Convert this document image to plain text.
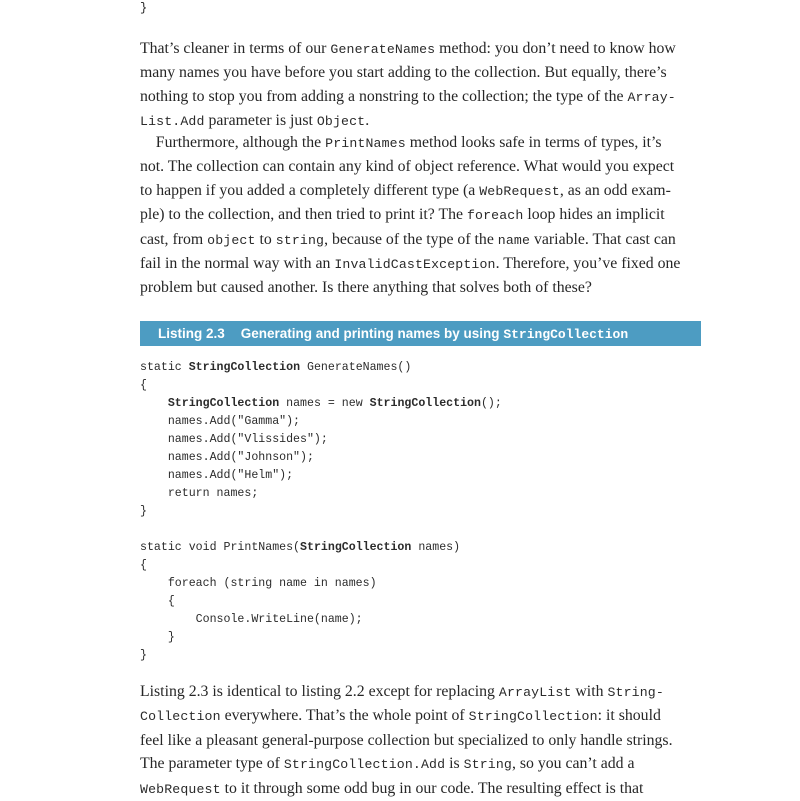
}

That’s cleaner in terms of our GenerateNames method: you don’t need to know how
many names you have before you start adding to the collection. But equally, there’s
nothing to stop you from adding a nonstring to the collection; the type of the Array-
List.Add parameter is just Object.

Furthermore, although the PrintNames method looks safe in terms of types, it’s
not. The collection can contain any kind of object reference. What would you expect
to happen if you added a completely different type (a WebRequest, as an odd exam-
ple) to the collection, and then tried to print it? The foreach loop hides an implicit
cast, from object to string, because of the type of the name variable. That cast can
fail in the normal way with an InvalidCastException. Therefore, you’ve fixed one
problem but caused another. Is there anything that solves both of these?

Listing 2.3 Generating and printing names by using StringCollection
static StringCollection GenerateNames()
{
StringCollection names = new StringCollection();
names.Add("Gamma");
names.Add("Vlissides");
names.Add("Johnson");
names.Add("Helm");
return names;
}
static void PrintNames(StringCollection names)
{
foreach (string name in names)
{
Console.WriteLine(name);
}
}

Listing 2.3 is identical to listing 2.2 except for replacing ArrayList with String-
Collection everywhere. That’s the whole point of StringCollection: it should
feel like a pleasant general-purpose collection but specialized to only handle strings.
The parameter type of StringCollection.Add is String, so you can’t add a
WebRequest to it through some odd bug in our code. The resulting effect is that
